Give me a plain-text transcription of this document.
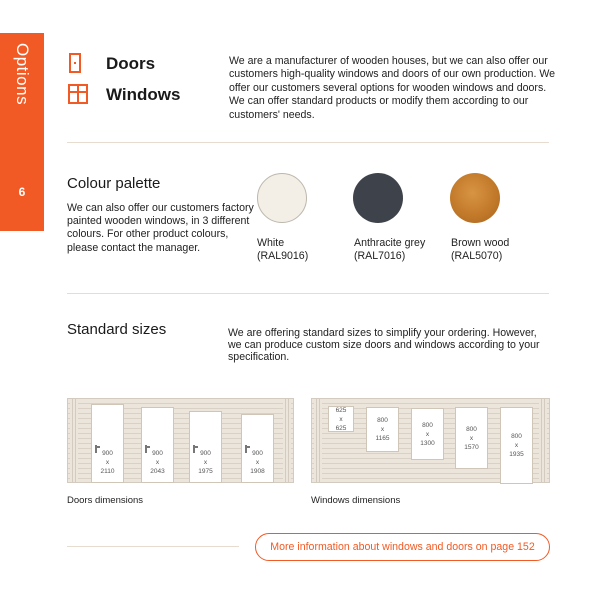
Options
6
Doors
Windows
We are a manufacturer of wooden houses, but we can also offer our customers high-quality windows and doors of our own production. We offer our customers several options for wooden windows and doors. We can offer standard products or modify them according to our customers' needs.
Colour palette
We can also offer our customers factory painted wooden windows, in 3 different colours. For other product colours, please contact the manager.	White
(RAL9016)
Anthracite grey
(RAL7016)
Brown wood
(RAL5070)
Standard sizes	We are offering standard sizes to simplify your ordering. However, we can produce custom size doors and windows according to your specification.
900
x
2110
900
x
2043
900
x
1975
900
x
1908
Doors dimensions
625
x
625
800
x
1165
800
x
1300
800
x
1570
800
x
1935
Windows dimensions
More information about windows and doors on page 152
